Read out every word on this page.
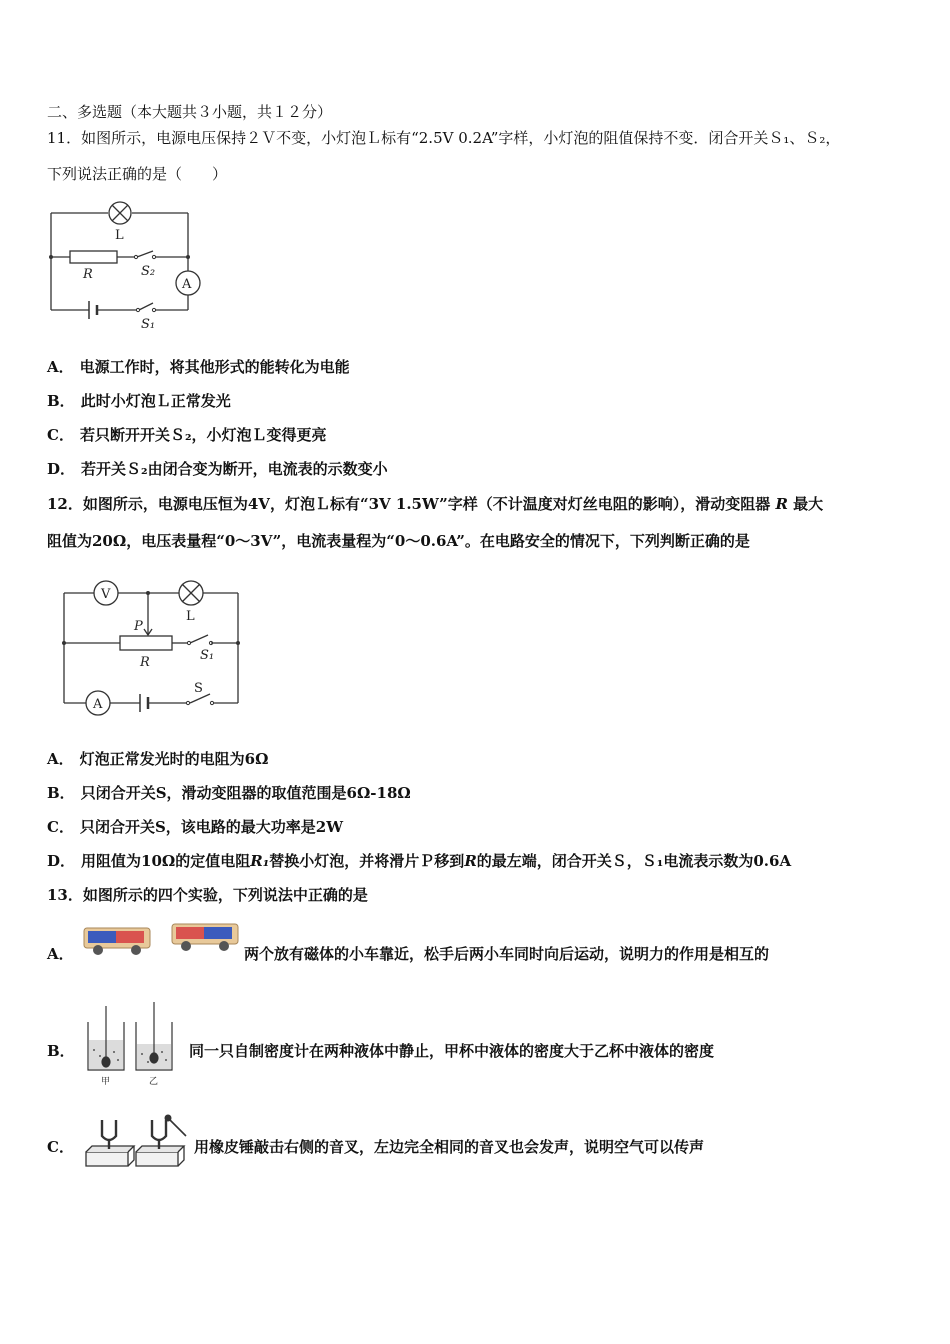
二、多选题（本大题共３小题，共１２分）
11．如图所示，电源电压保持２Ｖ不变，小灯泡Ｌ标有“2.5V 0.2A”字样，小灯泡的阻值保持不变．闭合开关Ｓ₁、Ｓ₂，
下列说法正确的是（　　）
L
R	S₂
A
S₁
A． 电源工作时，将其他形式的能转化为电能
B． 此时小灯泡Ｌ正常发光
C． 若只断开开关Ｓ₂，小灯泡Ｌ变得更亮
D． 若开关Ｓ₂由闭合变为断开，电流表的示数变小
12．如图所示，电源电压恒为4V，灯泡Ｌ标有“3V 1.5W”字样（不计温度对灯丝电阻的影响），滑动变阻器 R 最大
阻值为20Ω，电压表量程“0～3V”，电流表量程为“0～0.6A”。在电路安全的情况下，下列判断正确的是
V
L
P
R	S₁
S
A
A． 灯泡正常发光时的电阻为6Ω
B． 只闭合开关S，滑动变阻器的取值范围是6Ω-18Ω
C． 只闭合开关S，该电路的最大功率是2W
D． 用阻值为10Ω的定值电阻R₁替换小灯泡，并将滑片Ｐ移到R的最左端，闭合开关Ｓ，Ｓ₁电流表示数为0.6A
13．如图所示的四个实验，下列说法中正确的是
A．	两个放有磁体的小车靠近，松手后两小车同时向后运动，说明力的作用是相互的
B．
甲	乙
同一只自制密度计在两种液体中静止，甲杯中液体的密度大于乙杯中液体的密度
C．	用橡皮锤敲击右侧的音叉，左边完全相同的音叉也会发声，说明空气可以传声
